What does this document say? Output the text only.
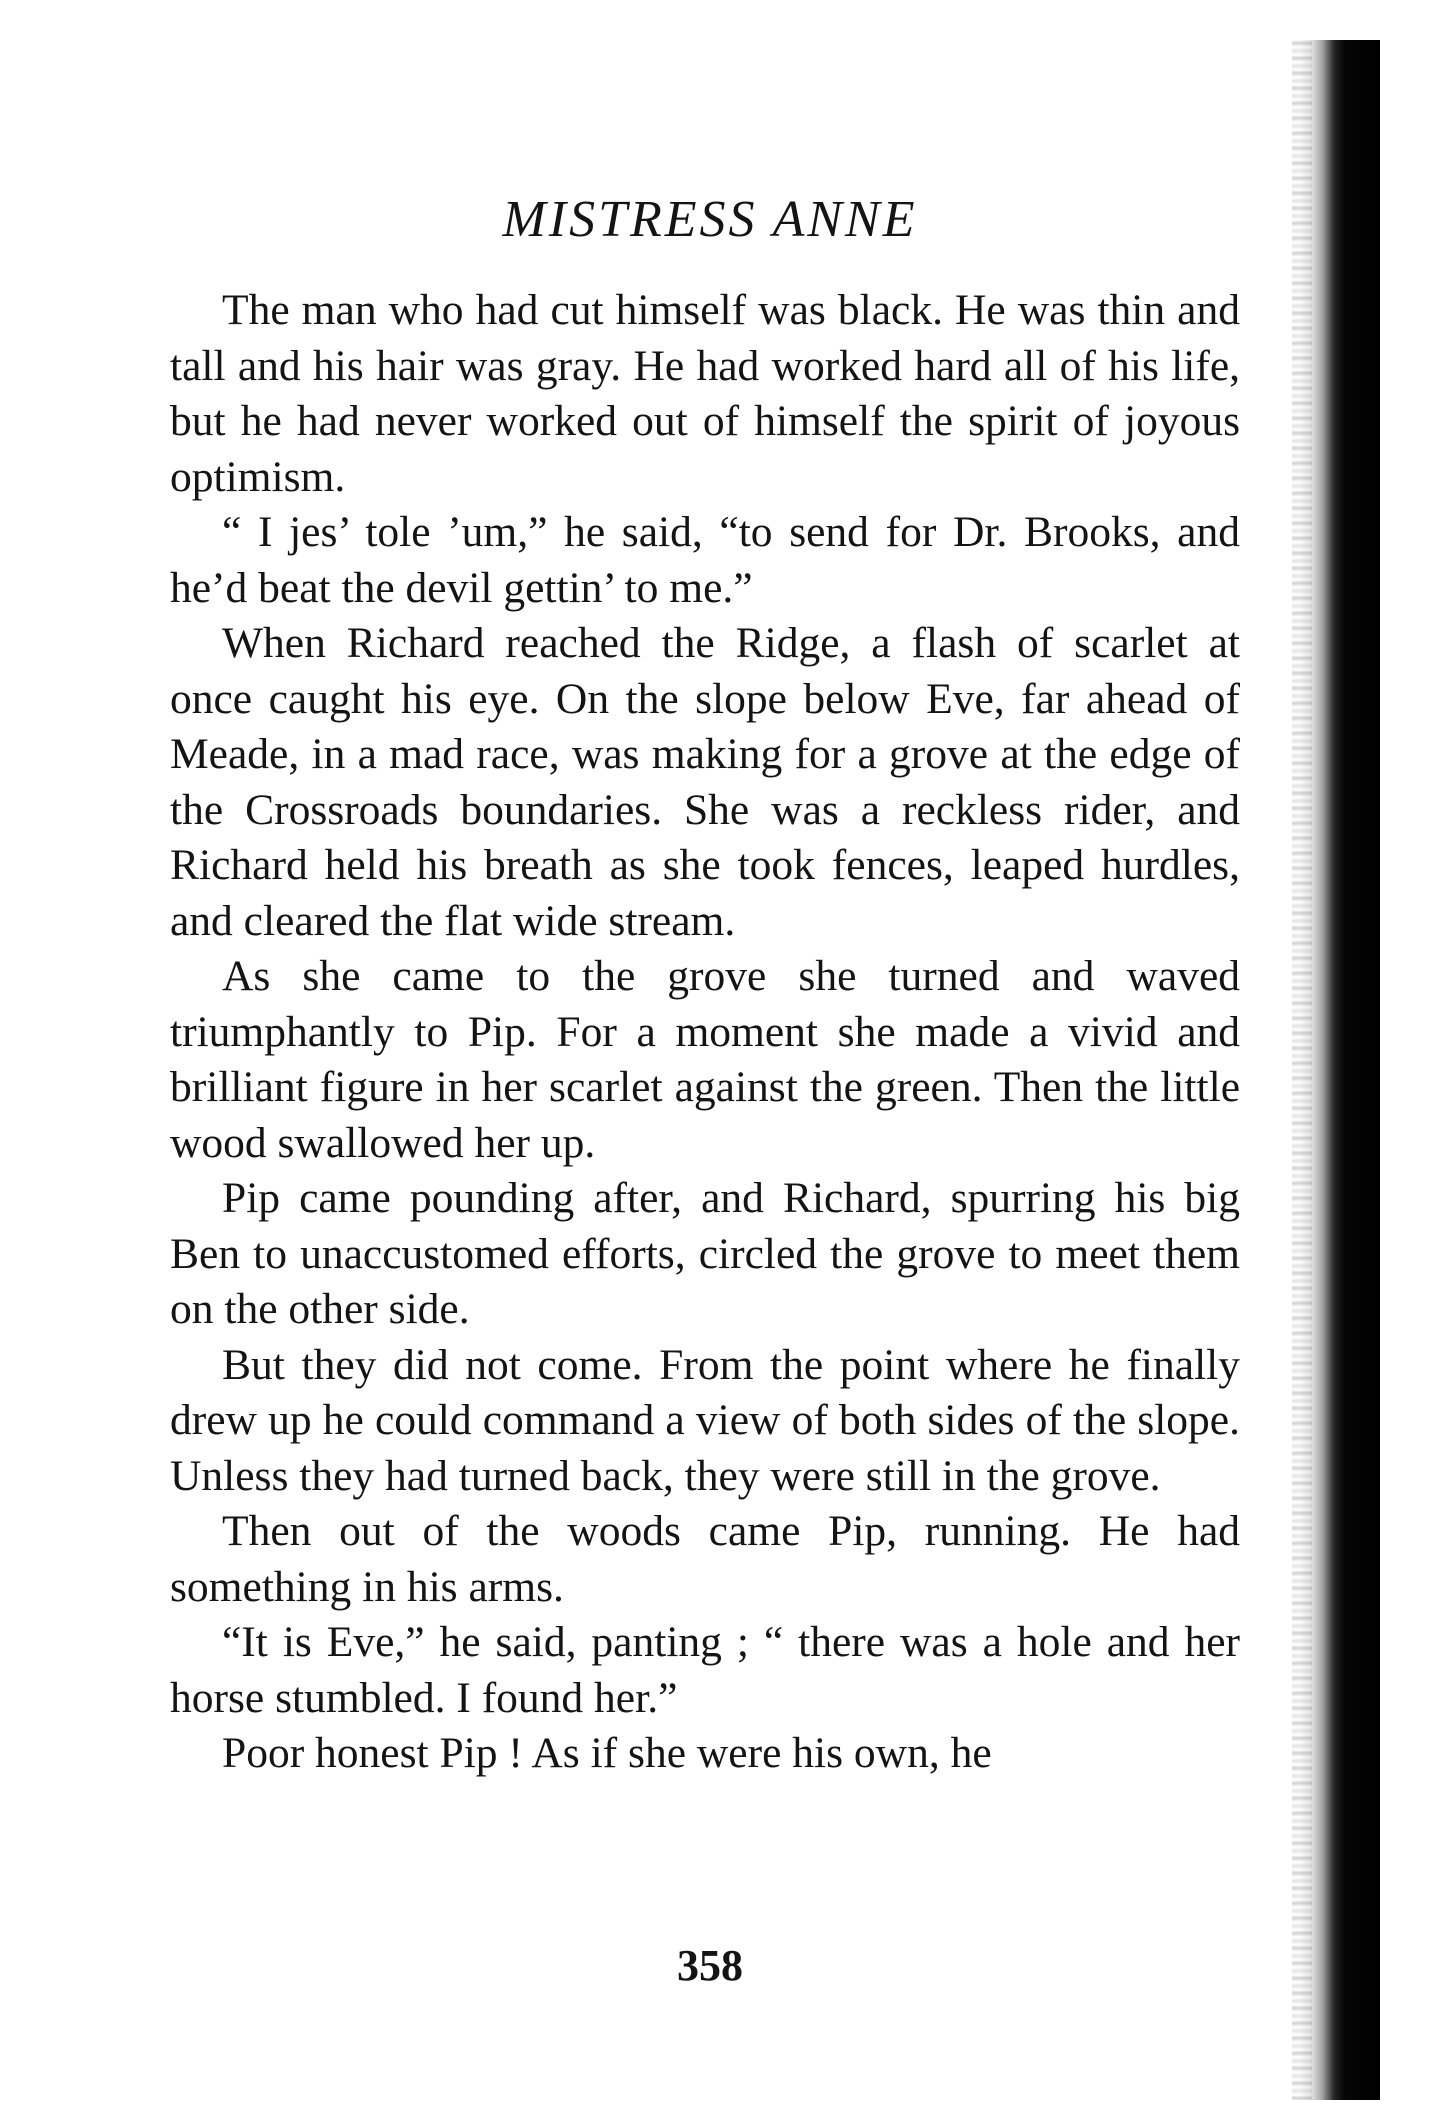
MISTRESS ANNE

The man who had cut himself was black. He was thin and tall and his hair was gray. He had worked hard all of his life, but he had never worked out of himself the spirit of joyous optimism.

“ I jes’ tole ’um,” he said, “to send for Dr. Brooks, and he’d beat the devil gettin’ to me.”

When Richard reached the Ridge, a flash of scarlet at once caught his eye. On the slope below Eve, far ahead of Meade, in a mad race, was making for a grove at the edge of the Crossroads boundaries. She was a reckless rider, and Richard held his breath as she took fences, leaped hurdles, and cleared the flat wide stream.

As she came to the grove she turned and waved triumphantly to Pip. For a moment she made a vivid and brilliant figure in her scarlet against the green. Then the little wood swallowed her up.

Pip came pounding after, and Richard, spurring his big Ben to unaccustomed efforts, circled the grove to meet them on the other side.

But they did not come. From the point where he finally drew up he could command a view of both sides of the slope. Unless they had turned back, they were still in the grove.

Then out of the woods came Pip, running. He had something in his arms.

“It is Eve,” he said, panting ; “ there was a hole and her horse stumbled. I found her.”

Poor honest Pip ! As if she were his own, he

358
